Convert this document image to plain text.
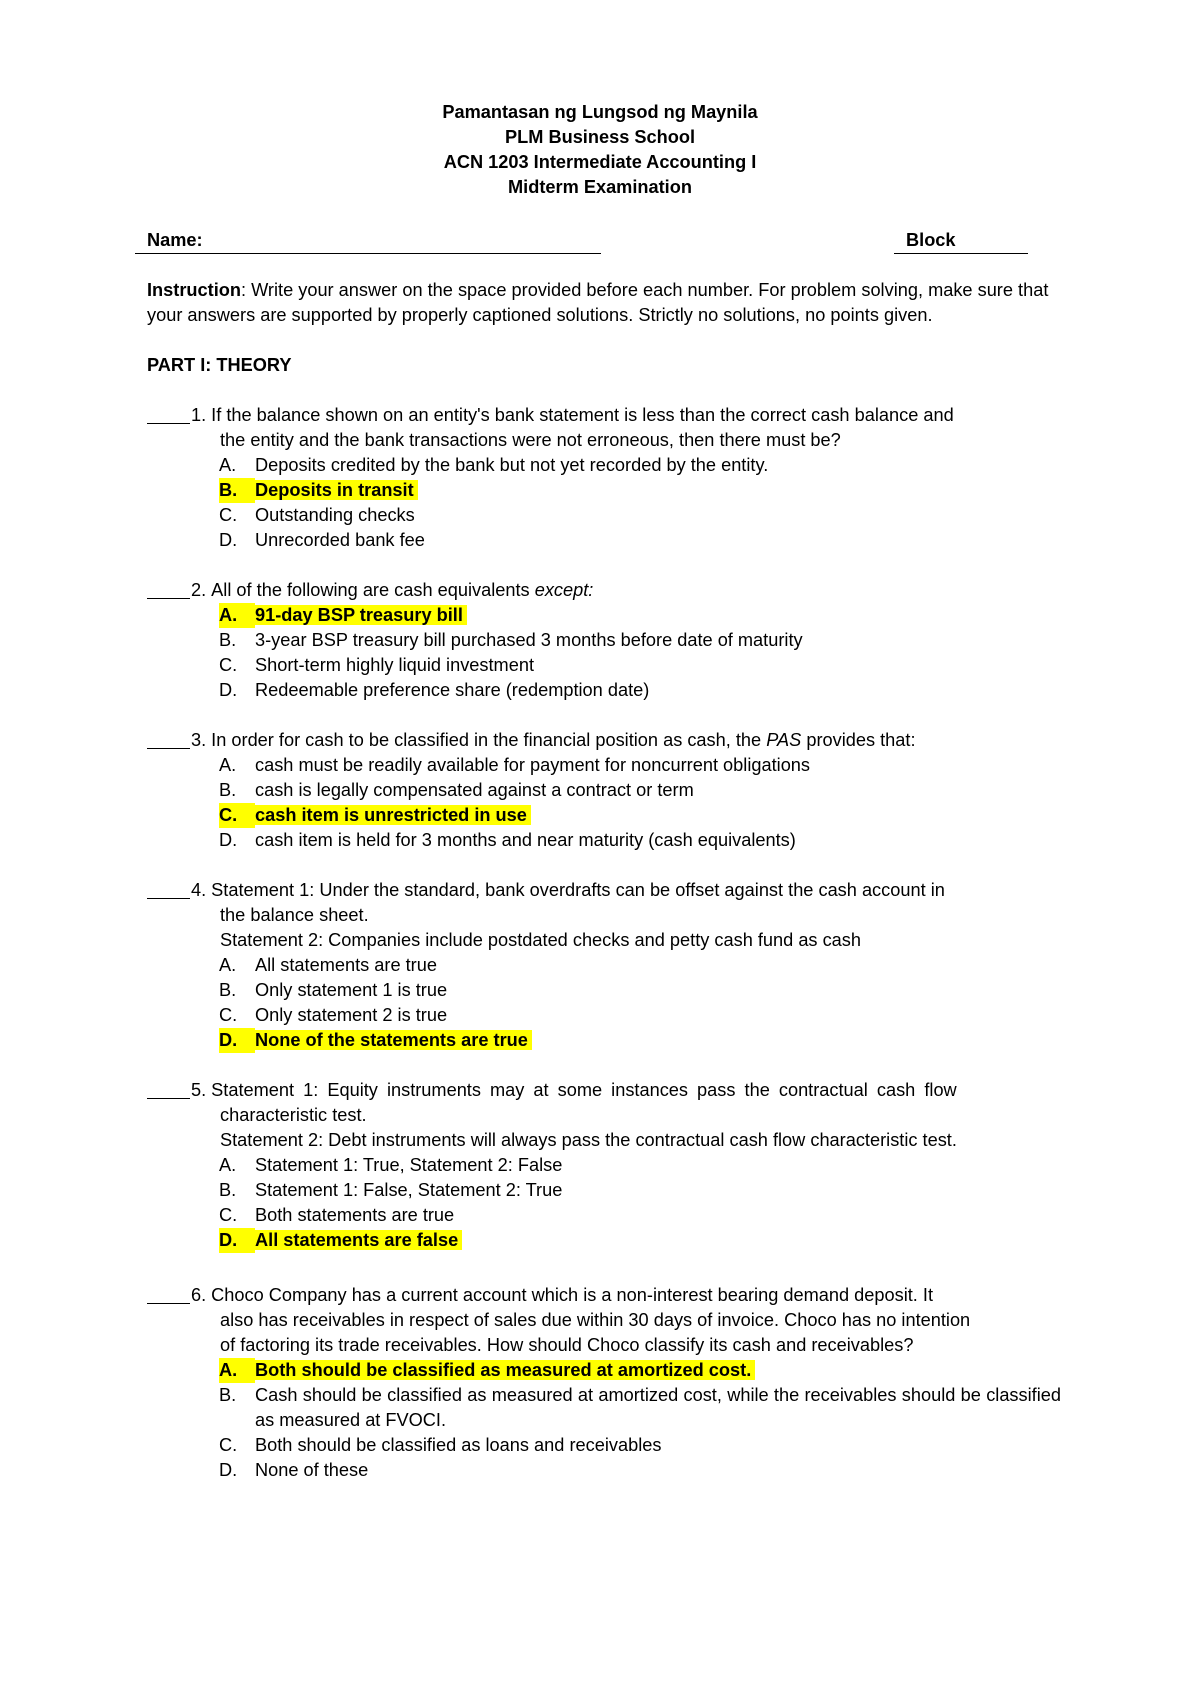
Pamantasan ng Lungsod ng Maynila
PLM Business School
ACN 1203 Intermediate Accounting I
Midterm Examination
Name:	Block

Instruction: Write your answer on the space provided before each number. For problem solving, make sure that your answers are supported by properly captioned solutions. Strictly no solutions, no points given.

PART I: THEORY
1. If the balance shown on an entity's bank statement is less than the correct cash balance and
the entity and the bank transactions were not erroneous, then there must be?
A.	Deposits credited by the bank but not yet recorded by the entity.
B. Deposits in transit
C. Outstanding checks
D. Unrecorded bank fee
2. All of the following are cash equivalents except:
A. 91-day BSP treasury bill
B.	3-year BSP treasury bill purchased 3 months before date of maturity
C. Short-term highly liquid investment
D. Redeemable preference share (redemption date)
3. In order for cash to be classified in the financial position as cash, the PAS provides that:
A.	cash must be readily available for payment for noncurrent obligations
B.	cash is legally compensated against a contract or term
C. cash item is unrestricted in use
D. cash item is held for 3 months and near maturity (cash equivalents)
4. Statement 1: Under the standard, bank overdrafts can be offset against the cash account in
the balance sheet.
Statement 2: Companies include postdated checks and petty cash fund as cash
A.	All statements are true
B.	Only statement 1 is true
C. Only statement 2 is true
D. None of the statements are true
5. Statement 1: Equity instruments may at some instances pass the contractual cash flow
characteristic test.
Statement 2: Debt instruments will always pass the contractual cash flow characteristic test.
A.	Statement 1: True, Statement 2: False
B.	Statement 1: False, Statement 2: True
C. Both statements are true
D. All statements are false
6. Choco Company has a current account which is a non-interest bearing demand deposit. It
also has receivables in respect of sales due within 30 days of invoice. Choco has no intention
of factoring its trade receivables. How should Choco classify its cash and receivables?
A. Both should be classified as measured at amortized cost.
B.	Cash should be classified as measured at amortized cost, while the receivables should be classified as measured at FVOCI.
C. Both should be classified as loans and receivables
D. None of these
